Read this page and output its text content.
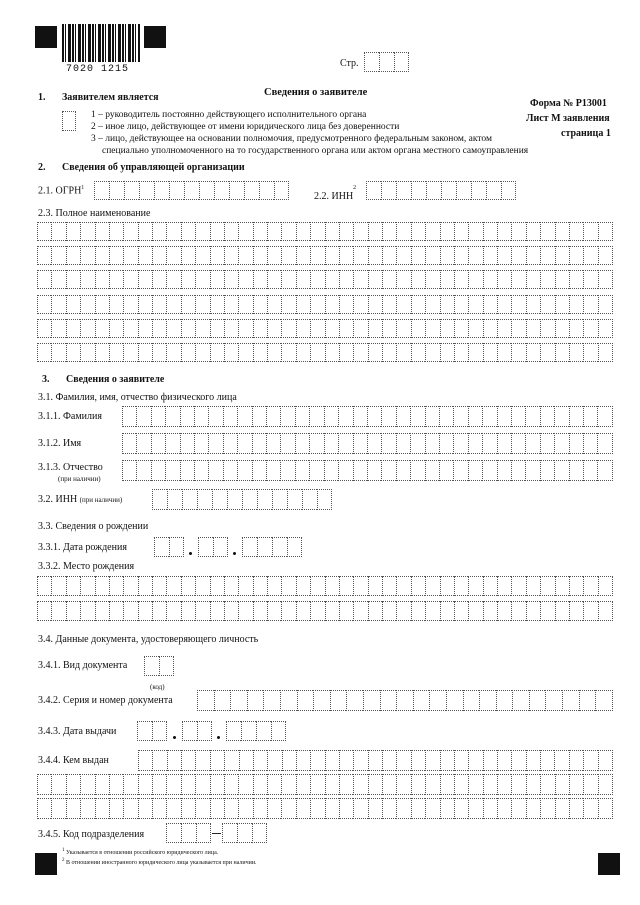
7020 1215
Стр.
Сведения о заявителе
Форма № Р13001
Лист М заявления
страница 1
1. Заявителем является
1 – руководитель постоянно действующего исполнительного органа
2 – иное лицо, действующее от имени юридического лица без доверенности
3 – лицо, действующее на основании полномочия, предусмотренного федеральным законом, актом
специально уполномоченного на то государственного органа или актом органа местного самоуправления
2. Сведения об управляющей организации
2.1. ОГРН$^1$
2.2. ИНН$^2$
2.3. Полное наименование
3. Сведения о заявителе
3.1. Фамилия, имя, отчество физического лица
3.1.1. Фамилия
3.1.2. Имя
3.1.3. Отчество
(при наличии)
3.2. ИНН (при наличии)
3.3. Сведения о рождении
3.3.1. Дата рождения
3.3.2. Место рождения
3.4. Данные документа, удостоверяющего личность
3.4.1. Вид документа
(код)
3.4.2. Серия и номер документа
3.4.3. Дата выдачи
3.4.4. Кем выдан
3.4.5. Код подразделения
$^1$ Указывается в отношении российского юридического лица.
$^2$ В отношении иностранного юридического лица указывается при наличии.
